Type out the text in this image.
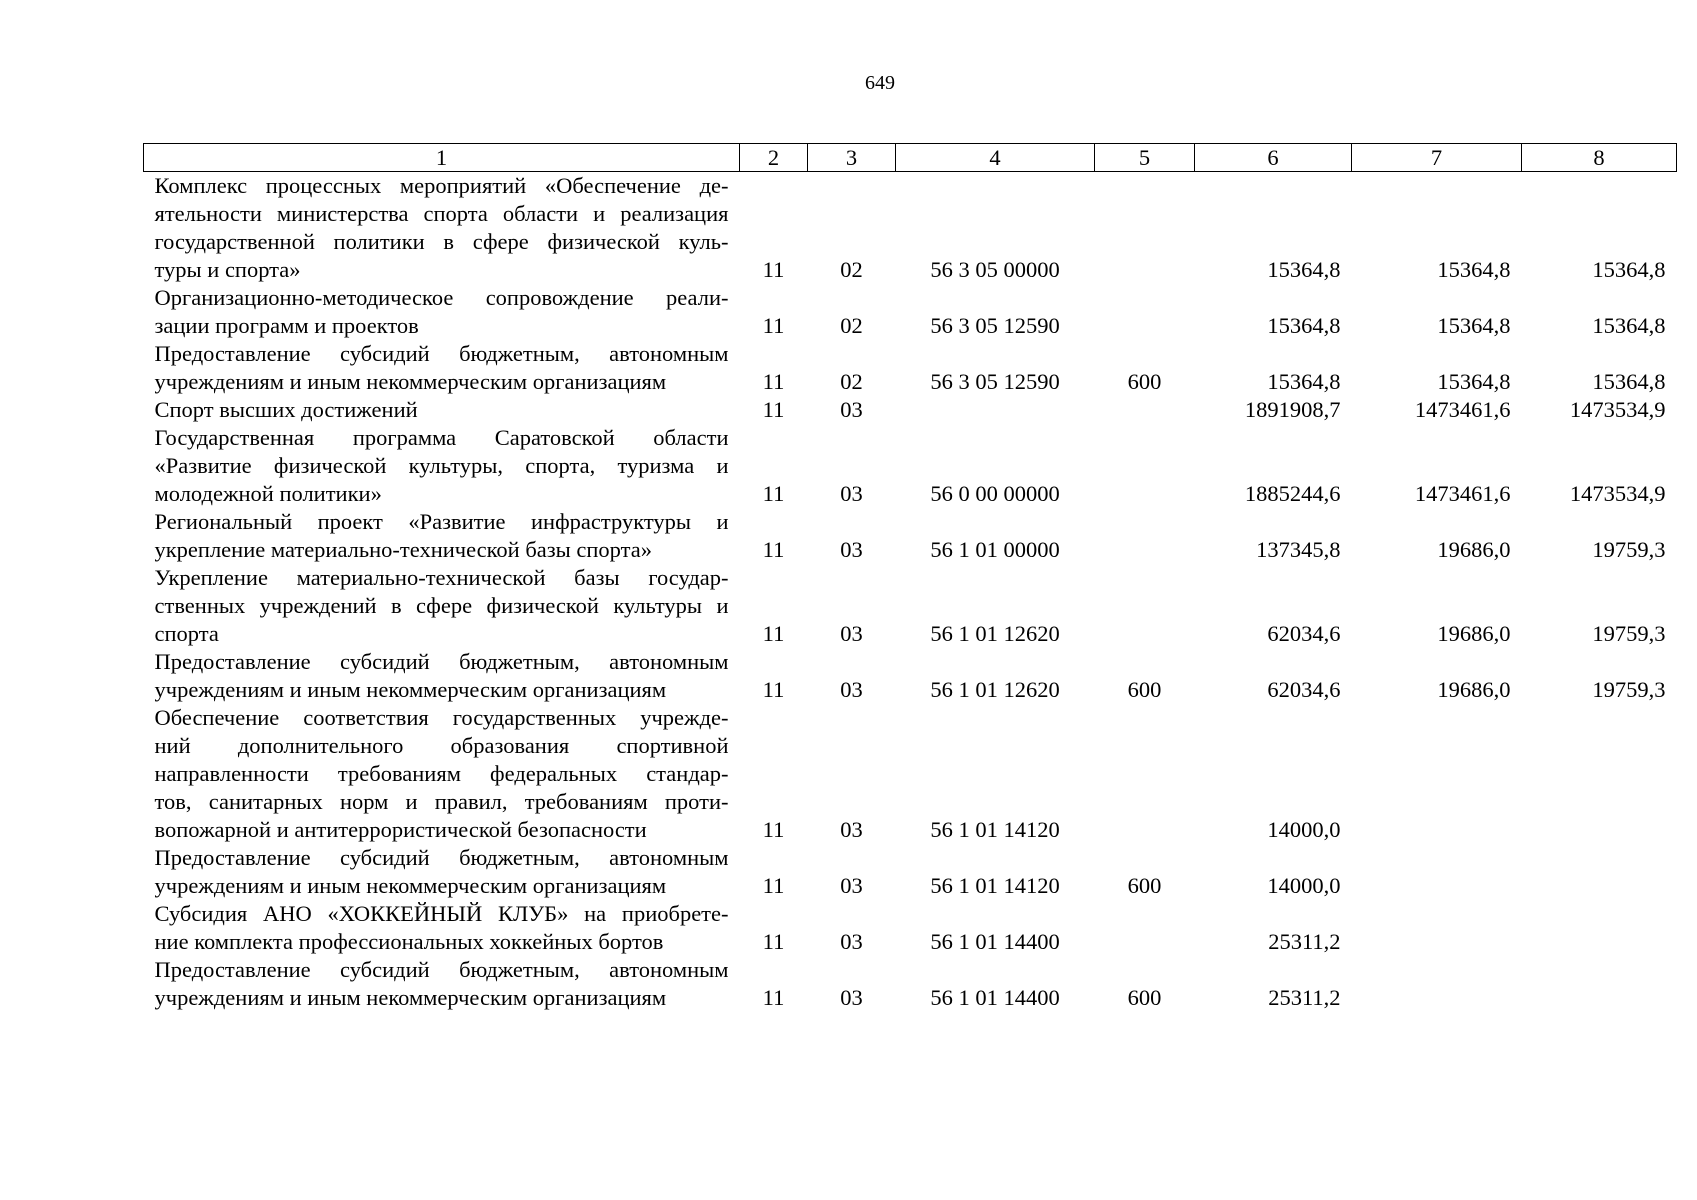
649
1	2	3	4	5	6	7	8

Комплекс процессных мероприятий «Обеспечение де-
ятельности министерства спорта области и реализация
государственной политики в сфере физической куль-
туры и спорта»	11	02	56 3 05 00000		15364,8	15364,8	15364,8

Организационно-методическое сопровождение реали-
зации программ и проектов	11	02	56 3 05 12590		15364,8	15364,8	15364,8

Предоставление субсидий бюджетным, автономным
учреждениям и иным некоммерческим организациям	11	02	56 3 05 12590	600	15364,8	15364,8	15364,8

Спорт высших достижений	11	03			1891908,7	1473461,6	1473534,9

Государственная программа Саратовской области
«Развитие физической культуры, спорта, туризма и
молодежной политики»	11	03	56 0 00 00000		1885244,6	1473461,6	1473534,9

Региональный проект «Развитие инфраструктуры и
укрепление материально-технической базы спорта»	11	03	56 1 01 00000		137345,8	19686,0	19759,3

Укрепление материально-технической базы государ-
ственных учреждений в сфере физической культуры и
спорта	11	03	56 1 01 12620		62034,6	19686,0	19759,3

Предоставление субсидий бюджетным, автономным
учреждениям и иным некоммерческим организациям	11	03	56 1 01 12620	600	62034,6	19686,0	19759,3

Обеспечение соответствия государственных учрежде-
ний дополнительного образования спортивной
направленности требованиям федеральных стандар-
тов, санитарных норм и правил, требованиям проти-
вопожарной и антитеррористической безопасности	11	03	56 1 01 14120		14000,0		

Предоставление субсидий бюджетным, автономным
учреждениям и иным некоммерческим организациям	11	03	56 1 01 14120	600	14000,0		

Субсидия АНО «ХОККЕЙНЫЙ КЛУБ» на приобрете-
ние комплекта профессиональных хоккейных бортов	11	03	56 1 01 14400		25311,2		

Предоставление субсидий бюджетным, автономным
учреждениям и иным некоммерческим организациям	11	03	56 1 01 14400	600	25311,2		
